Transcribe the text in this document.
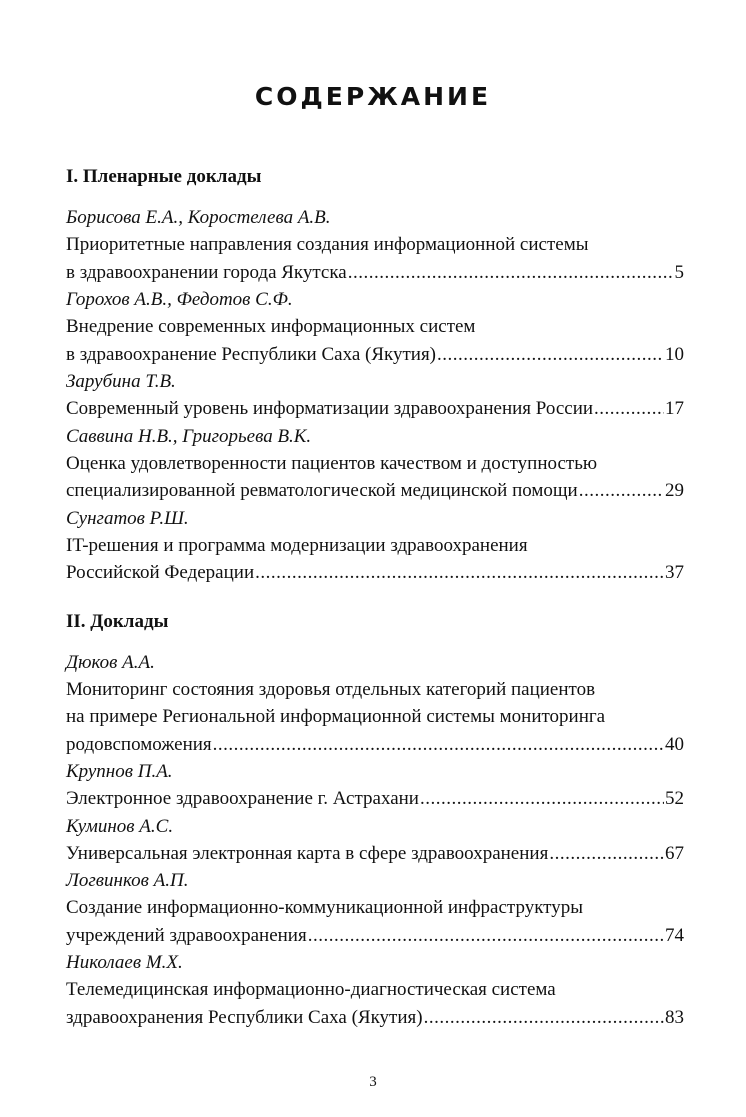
СОДЕРЖАНИЕ
I. Пленарные доклады
Борисова Е.А., Коростелева А.В.
Приоритетные направления создания информационной системы
в здравоохранении города Якутска .....	5
Горохов А.В., Федотов С.Ф.
Внедрение современных информационных систем
в здравоохранение Республики Саха (Якутия) .....	10
Зарубина Т.В.
Современный уровень информатизации здравоохранения России .....	17
Саввина Н.В., Григорьева В.К.
Оценка удовлетворенности пациентов качеством и доступностью
специализированной ревматологической медицинской помощи .....	29
Сунгатов Р.Ш.
IT-решения и программа модернизации здравоохранения
Российской Федерации .....	37
II. Доклады
Дюков А.А.
Мониторинг состояния здоровья отдельных категорий пациентов
на примере Региональной информационной системы мониторинга
родовспоможения .....	40
Крупнов П.А.
Электронное здравоохранение г. Астрахани .....	52
Куминов А.С.
Универсальная электронная карта в сфере здравоохранения .....	67
Логвинков А.П.
Создание информационно-коммуникационной инфраструктуры
учреждений здравоохранения .....	74
Николаев М.Х.
Телемедицинская информационно-диагностическая система
здравоохранения Республики Саха (Якутия) .....	83
3
